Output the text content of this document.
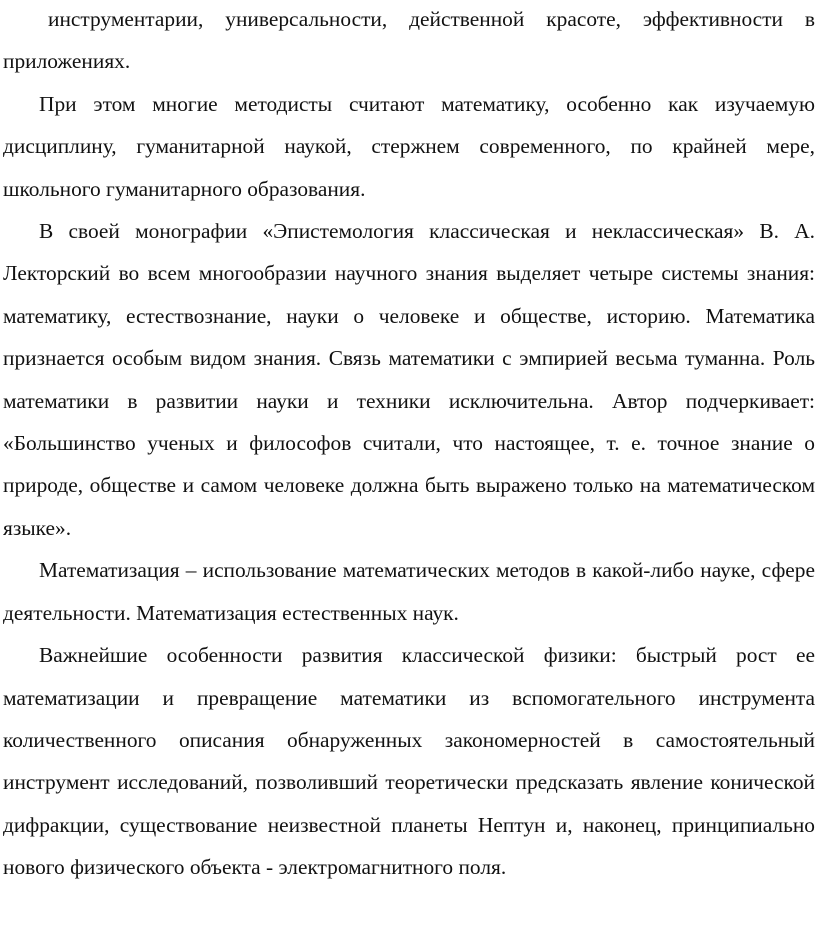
инструментарии, универсальности, действенной красоте, эффективности в приложениях.

При этом многие методисты считают математику, особенно как изучаемую дисциплину, гуманитарной наукой, стержнем современного, по крайней мере, школьного гуманитарного образования.

В своей монографии «Эпистемология классическая и неклассическая» В. А. Лекторский во всем многообразии научного знания выделяет четыре системы знания: математику, естествознание, науки о человеке и обществе, историю. Математика признается особым видом знания. Связь математики с эмпирией весьма туманна. Роль математики в развитии науки и техники исключительна. Автор подчеркивает: «Большинство ученых и философов считали, что настоящее, т. е. точное знание о природе, обществе и самом человеке должна быть выражено только на математическом языке».

Математизация – использование математических методов в какой-либо науке, сфере деятельности. Математизация естественных наук.

Важнейшие особенности развития классической физики: быстрый рост ее математизации и превращение математики из вспомогательного инструмента количественного описания обнаруженных закономерностей в самостоятельный инструмент исследований, позволивший теоретически предсказать явление конической дифракции, существование неизвестной планеты Нептун и, наконец, принципиально нового физического объекта - электромагнитного поля.
